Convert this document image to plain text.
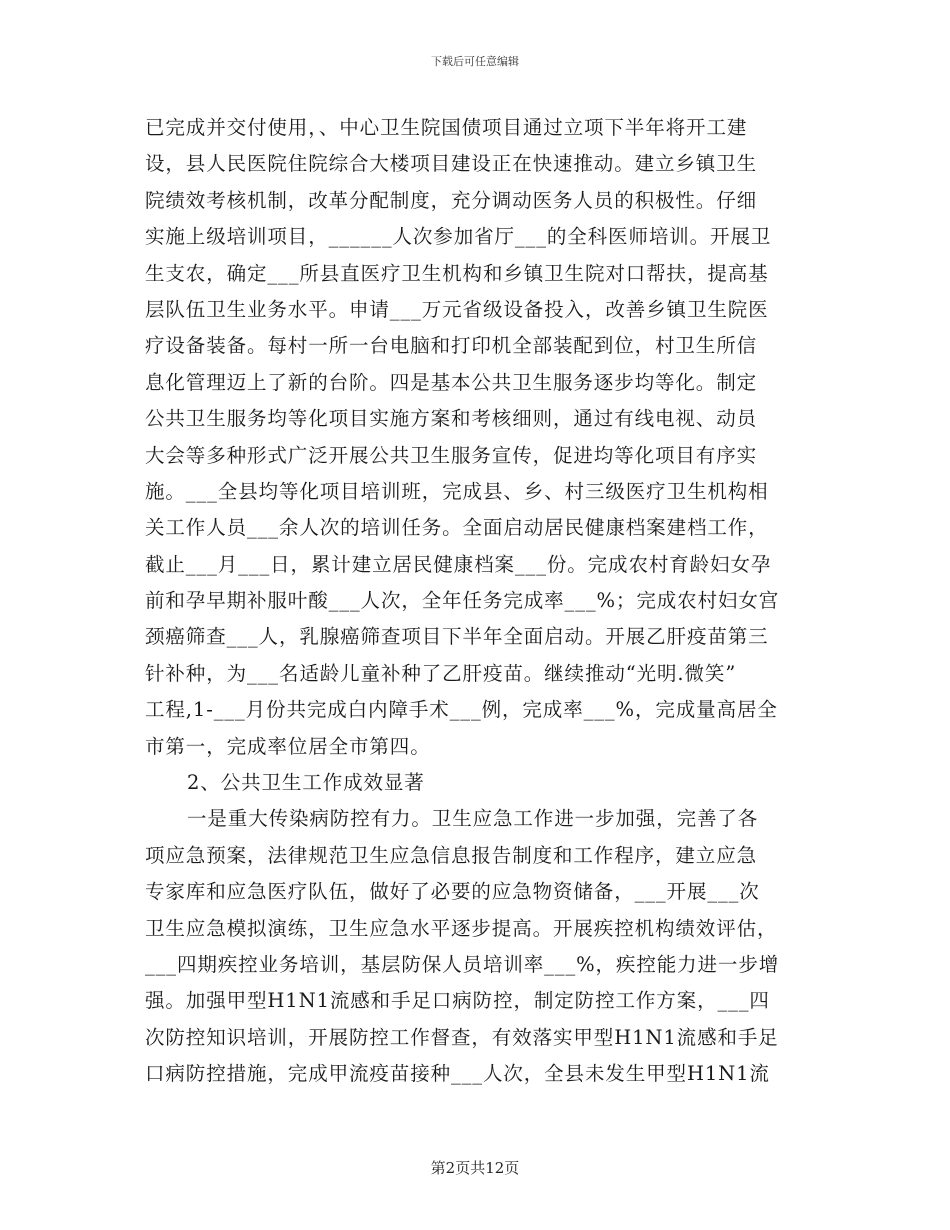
下载后可任意编辑
已完成并交付使用，、中心卫生院国债项目通过立项下半年将开工建
设，县人民医院住院综合大楼项目建设正在快速推动。建立乡镇卫生
院绩效考核机制，改革分配制度，充分调动医务人员的积极性。仔细
实施上级培训项目，______人次参加省厅___的全科医师培训。开展卫
生支农，确定___所县直医疗卫生机构和乡镇卫生院对口帮扶，提高基
层队伍卫生业务水平。申请___万元省级设备投入，改善乡镇卫生院医
疗设备装备。每村一所一台电脑和打印机全部装配到位，村卫生所信
息化管理迈上了新的台阶。四是基本公共卫生服务逐步均等化。制定
公共卫生服务均等化项目实施方案和考核细则，通过有线电视、动员
大会等多种形式广泛开展公共卫生服务宣传，促进均等化项目有序实
施。___全县均等化项目培训班，完成县、乡、村三级医疗卫生机构相
关工作人员___余人次的培训任务。全面启动居民健康档案建档工作，
截止___月___日，累计建立居民健康档案___份。完成农村育龄妇女孕
前和孕早期补服叶酸___人次，全年任务完成率___%；完成农村妇女宫
颈癌筛查___人，乳腺癌筛查项目下半年全面启动。开展乙肝疫苗第三
针补种，为___名适龄儿童补种了乙肝疫苗。继续推动“光明.微笑”
工程,1-___月份共完成白内障手术___例，完成率___%，完成量高居全
市第一，完成率位居全市第四。
2、公共卫生工作成效显著
一是重大传染病防控有力。卫生应急工作进一步加强，完善了各
项应急预案，法律规范卫生应急信息报告制度和工作程序，建立应急
专家库和应急医疗队伍，做好了必要的应急物资储备，___开展___次
卫生应急模拟演练，卫生应急水平逐步提高。开展疾控机构绩效评估，
___四期疾控业务培训，基层防保人员培训率___%，疾控能力进一步增
强。加强甲型H1N1流感和手足口病防控，制定防控工作方案，___四
次防控知识培训，开展防控工作督查，有效落实甲型H1N1流感和手足
口病防控措施，完成甲流疫苗接种___人次，全县未发生甲型H1N1流
第2页共12页
